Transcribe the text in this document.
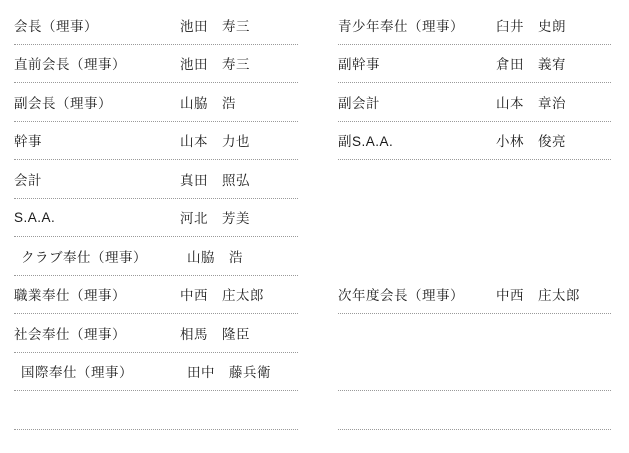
会長（理事）	池田　寿三
直前会長（理事）	池田　寿三
副会長（理事）	山脇　浩
幹事	山本　力也
会計	真田　照弘
S.A.A.	河北　芳美
クラブ奉仕（理事）	山脇　浩
職業奉仕（理事）	中西　庄太郎
社会奉仕（理事）	相馬　隆臣
国際奉仕（理事）	田中　藤兵衛
青少年奉仕（理事）	臼井　史朗
副幹事	倉田　義宥
副会計	山本　章治
副S.A.A.	小林　俊亮
次年度会長（理事）	中西　庄太郎
